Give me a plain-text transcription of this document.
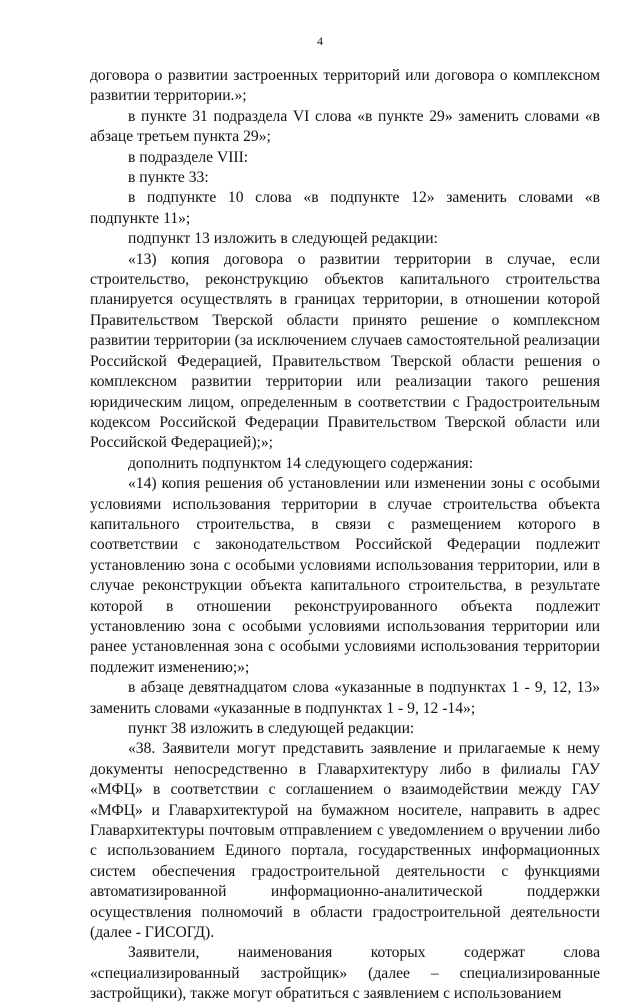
4

договора о развитии застроенных территорий или договора о комплексном развитии территории.»;

в пункте 31 подраздела VI слова «в пункте 29» заменить словами «в абзаце третьем пункта 29»;

в подразделе VIII:

в пункте 33:

в подпункте 10 слова «в подпункте 12» заменить словами «в подпункте 11»;

подпункт 13 изложить в следующей редакции:

«13) копия договора о развитии территории в случае, если строительство, реконструкцию объектов капитального строительства планируется осуществлять в границах территории, в отношении которой Правительством Тверской области принято решение о комплексном развитии территории (за исключением случаев самостоятельной реализации Российской Федерацией, Правительством Тверской области решения о комплексном развитии территории или реализации такого решения юридическим лицом, определенным в соответствии с Градостроительным кодексом Российской Федерации Правительством Тверской области или Российской Федерацией);»;

дополнить подпунктом 14 следующего содержания:

«14) копия решения об установлении или изменении зоны с особыми условиями использования территории в случае строительства объекта капитального строительства, в связи с размещением которого в соответствии с законодательством Российской Федерации подлежит установлению зона с особыми условиями использования территории, или в случае реконструкции объекта капитального строительства, в результате которой в отношении реконструированного объекта подлежит установлению зона с особыми условиями использования территории или ранее установленная зона с особыми условиями использования территории подлежит изменению;»;

в абзаце девятнадцатом слова «указанные в подпунктах 1 - 9, 12, 13» заменить словами «указанные в подпунктах 1 - 9, 12 -14»;

пункт 38 изложить в следующей редакции:

«38. Заявители могут представить заявление и прилагаемые к нему документы непосредственно в Главархитектуру либо в филиалы ГАУ «МФЦ» в соответствии с соглашением о взаимодействии между ГАУ «МФЦ» и Главархитектурой на бумажном носителе, направить в адрес Главархитектуры почтовым отправлением с уведомлением о вручении либо с использованием Единого портала, государственных информационных систем обеспечения градостроительной деятельности с функциями автоматизированной информационно-аналитической поддержки осуществления полномочий в области градостроительной деятельности (далее - ГИСОГД).

Заявители, наименования которых содержат слова «специализированный застройщик» (далее – специализированные застройщики), также могут обратиться с заявлением с использованием
